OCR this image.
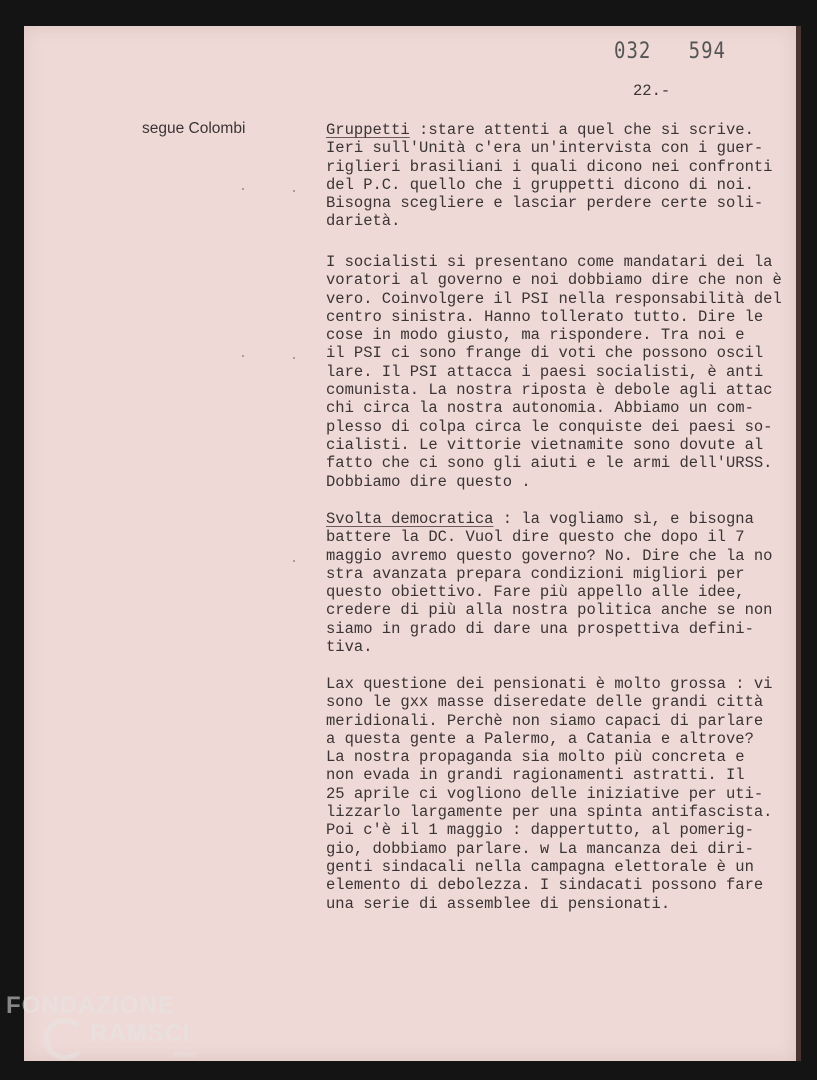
032   594
22.-
segue Colombi	Gruppetti :stare attenti a quel che si scrive.
Ieri sull'Unità c'era un'intervista con i guer-
riglieri brasiliani i quali dicono nei confronti
del P.C. quello che i gruppetti dicono di noi.
Bisogna scegliere e lasciar perdere certe soli-
darietà.
I socialisti si presentano come mandatari dei la
voratori al governo e noi dobbiamo dire che non è
vero. Coinvolgere il PSI nella responsabilità del
centro sinistra. Hanno tollerato tutto. Dire le
cose in modo giusto, ma rispondere. Tra noi e
il PSI ci sono frange di voti che possono oscil
lare. Il PSI attacca i paesi socialisti, è anti
comunista. La nostra riposta è debole agli attac
chi circa la nostra autonomia. Abbiamo un com-
plesso di colpa circa le conquiste dei paesi so-
cialisti. Le vittorie vietnamite sono dovute al
fatto che ci sono gli aiuti e le armi dell'URSS.
Dobbiamo dire questo .
Svolta democratica : la vogliamo sì, e bisogna
battere la DC. Vuol dire questo che dopo il 7
maggio avremo questo governo? No. Dire che la no
stra avanzata prepara condizioni migliori per
questo obiettivo. Fare più appello alle idee,
credere di più alla nostra politica anche se non
siamo in grado di dare una prospettiva defini-
tiva.
Lax questione dei pensionati è molto grossa : vi
sono le gxx masse diseredate delle grandi città
meridionali. Perchè non siamo capaci di parlare
a questa gente a Palermo, a Catania e altrove?
La nostra propaganda sia molto più concreta e
non evada in grandi ragionamenti astratti. Il
25 aprile ci vogliono delle iniziative per uti-
lizzarlo largamente per una spinta antifascista.
Poi c'è il 1 maggio : dappertutto, al pomerig-
gio, dobbiamo parlare. w La mancanza dei diri-
genti sindacali nella campagna elettorale è un
elemento di debolezza. I sindacati possono fare
una serie di assemblee di pensionati.
FONDAZIONE
RAMSCI
onlus
